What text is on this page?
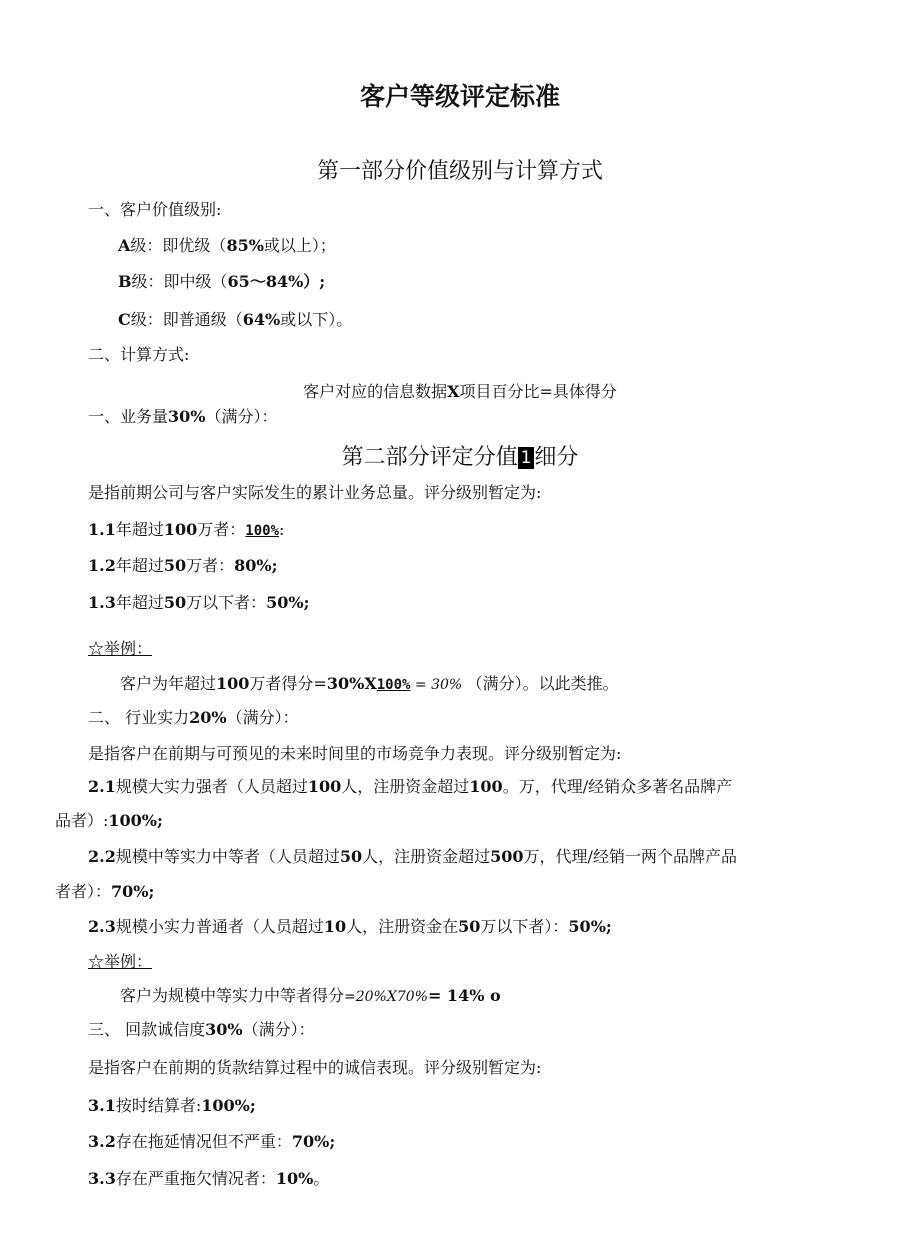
客户等级评定标准
第一部分价值级别与计算方式
一、客户价值级别:
A级：即优级（85%或以上）；
B级：即中级（65〜84%）;
C级：即普通级（64%或以下）。
二、计算方式:
客户对应的信息数据X项目百分比=具体得分
一、业务量30%（满分）：
第二部分评定分值 1 细分
是指前期公司与客户实际发生的累计业务总量。评分级别暂定为:
1.1年超过100万者：100%:
1.2年超过50万者：80%;
1.3年超过50万以下者：50%;
☆举例：
客户为年超过100万者得分=30%X100% = 30% （满分）。以此类推。
二、 行业实力20%（满分）：
是指客户在前期与可预见的未来时间里的市场竞争力表现。评分级别暂定为:
2.1规模大实力强者（人员超过100人，注册资金超过100。万，代理/经销众多著名品牌产
品者）:100%;
2.2规模中等实力中等者（人员超过50人，注册资金超过500万，代理/经销一两个品牌产品
者者）：70%;
2.3规模小实力普通者（人员超过10人，注册资金在50万以下者）：50%;
☆举例：
客户为规模中等实力中等者得分=20%X70%= 14% o
三、 回款诚信度30%（满分）：
是指客户在前期的货款结算过程中的诚信表现。评分级别暂定为:
3.1按时结算者:100%;
3.2存在拖延情况但不严重：70%;
3.3存在严重拖欠情况者：10%。
